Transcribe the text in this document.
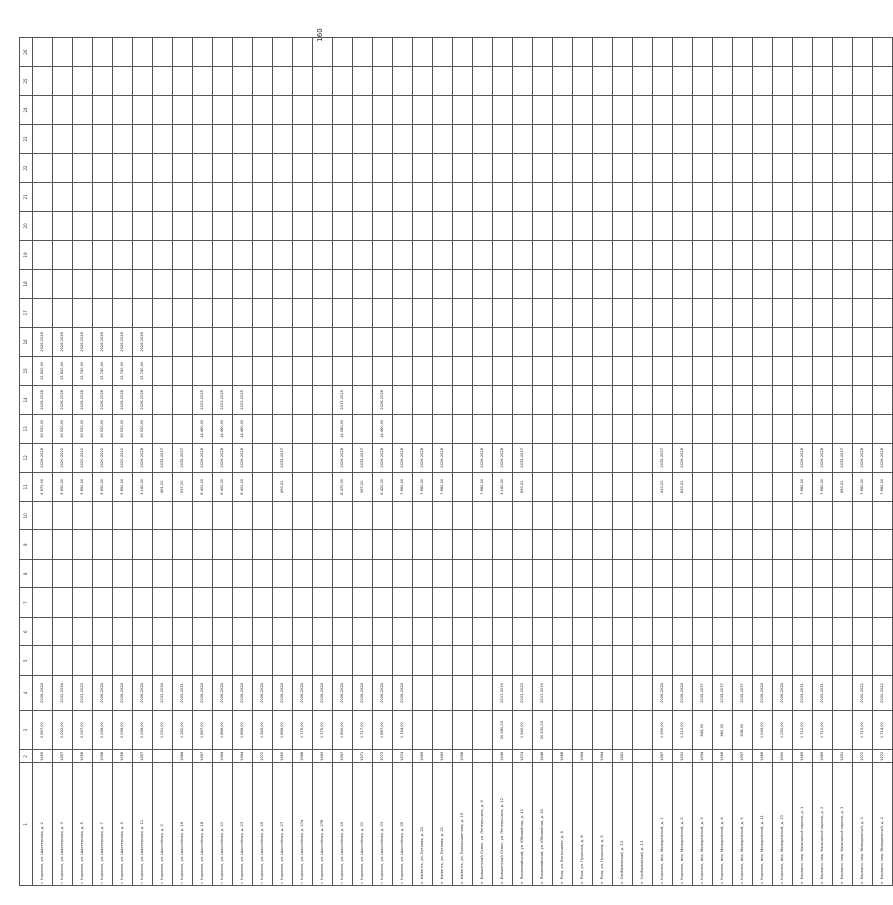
160
1	2	3	4	5	6	7	8	9	10	11	12	13	14	15	16	17	18	19	20	21	22	23	24	25	26
г. Коркино, ул. Шахтерская, д. 2	1959	2 657,00	2026-2028							6 870,00	2026-2028	16 930,00	2026-2028	13 620,00	2026-2028										
г. Коркино, ул. Шахтерская, д. 3	1957	2 062,00	2032-2034							9 850,00	2020-2022	16 930,00	2026-2028	13 620,00	2026-2028										
г. Коркино, ул. Шахтерская, д. 5	1958	2 057,00	2023-2025							9 850,00	2020-2022	16 930,00	2026-2028	13 740,00	2026-2028										
г. Коркино, ул. Шахтерская, д. 7	1958	2 058,00	2026-2028							9 850,00	2020-2022	16 930,00	2026-2028	13 740,00	2026-2028										
г. Коркино, ул. Шахтерская, д. 9	1958	2 058,00	2026-2028							9 850,00	2020-2022	16 930,00	2026-2028	13 740,00	2026-2028										
г. Коркино, ул. Шахтерская, д. 11	1957	2 058,00	2026-2028							9 180,00	2026-2028	16 930,00	2026-2028	13 740,00	2026-2028										
г. Коркино, ул. Шоссейная, д. 3		1 051,00	2032-2034							461,00	2035-2037														
г. Коркино, ул. Шоссейная, д. 16	1984	1 282,00	2029-2031							537,00	2035-2037														
г. Коркино, ул. Шоссейная, д. 18	1987	1 887,00	2026-2028							8 400,00	2026-2028	14 460,00	2023-2025												
г. Коркино, ул. Шоссейная, д. 21	1964	1 886,00	2026-2028							8 400,00	2026-2028	14 460,00	2023-2025												
г. Коркино, ул. Шоссейная, д. 23	1964	1 886,00	2026-2028							8 400,00	2026-2028	14 460,00	2023-2025												
г. Коркино, ул. Шоссейная, д. 25	1972	1 545,00	2026-2028																						
г. Коркино, ул. Шоссейная, д. 27	1960	1 886,00	2026-2028							490,00	2035-2037														
г. Коркино, ул. Шоссейная, д. 27а	1968	1 775,00	2026-2028																						
г. Коркино, ул. Шоссейная, д. 27б	1969	1 775,00	2026-2028																						
г. Коркино, ул. Шоссейная, д. 29	1967	1 890,00	2026-2028							8 470,00	2026-2028	14 080,00	2017-2019												
г. Коркино, ул. Шоссейная, д. 31	1971	1 717,00	2026-2028							367,00	2035-2037														
г. Коркино, ул. Шоссейная, д. 33	1973	1 887,00	2026-2028							8 420,00	2026-2028	14 460,00	2026-2028												
г. Коркино, ул. Шоссейная, д. 35	1974	1 744,00	2026-2028							7 660,00	2026-2028														
п. Каменск, ул. Лутовая, д. 20	1969									7 680,00	2026-2028														
п. Каменск, ул. Лутовая, д. 21	1969									7 680,00	2026-2028														
п. Каменск, ул. Промышленная, д. 19	1958																								
п. Бывшенский Склон, ул. Пепелушина, д. 9										7 680,00	2026-2028														
п. Бывшенский Склон, ул. Пепелушина, д. 12	1946	20 580,00	2017-2019							9 180,00	2026-2028														
п. Первомайский, ул. Юбилейная, д. 13	1974	1 940,00	2023-2025							690,00	2035-2037														
п. Первомайский, ул. Юбилейная, д. 15	1948	20 530,00	2017-2019																						
п. Роза, ул. Вагрышева, д. 6	1988																								
п. Роза, ул. Пушкина, д. 8	1964																								
п. Роза, ул. Пушкина, д. 5	1964																								
п. Сербиловский, д. 12	1961																								
п. Сербиловский, д. 13																									
с. Коркино, мкр. Молодежный, д. 1	1987	1 990,00	2026-2028							410,00	2035-2037														
с. Коркино, мкр. Молодежный, д. 2	1992	1 213,00	2026-2028							820,00	2026-2028														
с. Коркино, мкр. Молодежный, д. 3	1994	845,00	2035-2037																						
с. Коркино, мкр. Молодежный, д. 4	1996	860,00	2035-2037																						
с. Коркино, мкр. Молодежный, д. 5	1997	638,00	2035-2037																						
с. Коркино, мкр. Молодежный, д. 11	1986	1 049,00	2026-2028																						
с. Коркино, мкр. Молодежный, д. 13	1990	1 050,00	2026-2028																						
п. Коркино, мкр. Камышный карьер, д. 1	1989	1 712,00	2029-2031							7 680,00	2026-2028														
п. Коркино, мкр. Камышный карьер, д. 2	1989	1 712,00	2029-2031							7 680,00	2026-2028														
п. Коркино, мкр. Камышный карьер, д. 3	1991									450,00	2035-2037														
п. Коркино, мкр. Молодежный, д. 1	1972	1 713,00	2020-2022							7 680,00	2026-2028														
п. Коркино, мкр. Молодежный, д. 2	1972	1 714,00	2020-2022							7 680,00	2026-2028														
